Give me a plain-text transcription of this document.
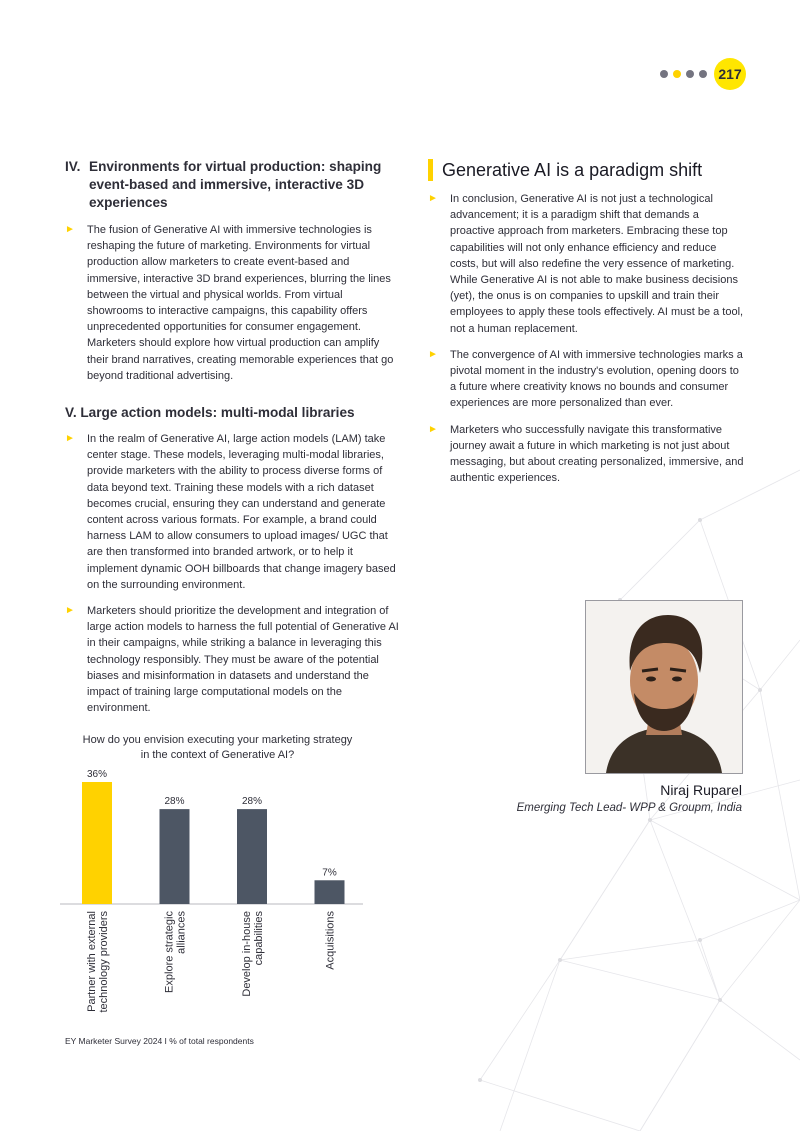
217
IV. Environments for virtual production: shaping event-based and immersive, interactive 3D experiences
► The fusion of Generative AI with immersive technologies is reshaping the future of marketing. Environments for virtual production allow marketers to create event-based and immersive, interactive 3D brand experiences, blurring the lines between the virtual and physical worlds. From virtual showrooms to interactive campaigns, this capability offers unprecedented opportunities for consumer engagement. Marketers should explore how virtual production can amplify their brand narratives, creating memorable experiences that go beyond traditional advertising.
V. Large action models: multi-modal libraries
► In the realm of Generative AI, large action models (LAM) take center stage. These models, leveraging multi-modal libraries, provide marketers with the ability to process diverse forms of data beyond text. Training these models with a rich dataset becomes crucial, ensuring they can understand and generate content across various formats. For example, a brand could harness LAM to allow consumers to upload images/ UGC that are then transformed into branded artwork, or to help it implement dynamic OOH billboards that change imagery based on the surrounding environment.
► Marketers should prioritize the development and integration of large action models to harness the full potential of Generative AI in their campaigns, while striking a balance in leveraging this technology responsibly. They must be aware of the potential biases and misinformation in datasets and understand the impact of training large computational models on the environment.
Generative AI is a paradigm shift
► In conclusion, Generative AI is not just a technological advancement; it is a paradigm shift that demands a proactive approach from marketers. Embracing these top capabilities will not only enhance efficiency and reduce costs, but will also redefine the very essence of marketing. While Generative AI is not able to make business decisions (yet), the onus is on companies to upskill and train their employees to apply these tools effectively. AI must be a tool, not a human replacement.
► The convergence of AI with immersive technologies marks a pivotal moment in the industry's evolution, opening doors to a future where creativity knows no bounds and consumer experiences are more personalized than ever.
► Marketers who successfully navigate this transformative journey await a future in which marketing is not just about messaging, but about creating personalized, immersive, and authentic experiences.
How do you envision executing your marketing strategy in the context of Generative AI?
36%
Partner with external technology providers
28%
Explore strategic alliances
28%
Develop in-house capabilities
7%
Acquisitions
EY Marketer Survey 2024 I % of total respondents
Niraj Ruparel
Emerging Tech Lead- WPP & Groupm, India
